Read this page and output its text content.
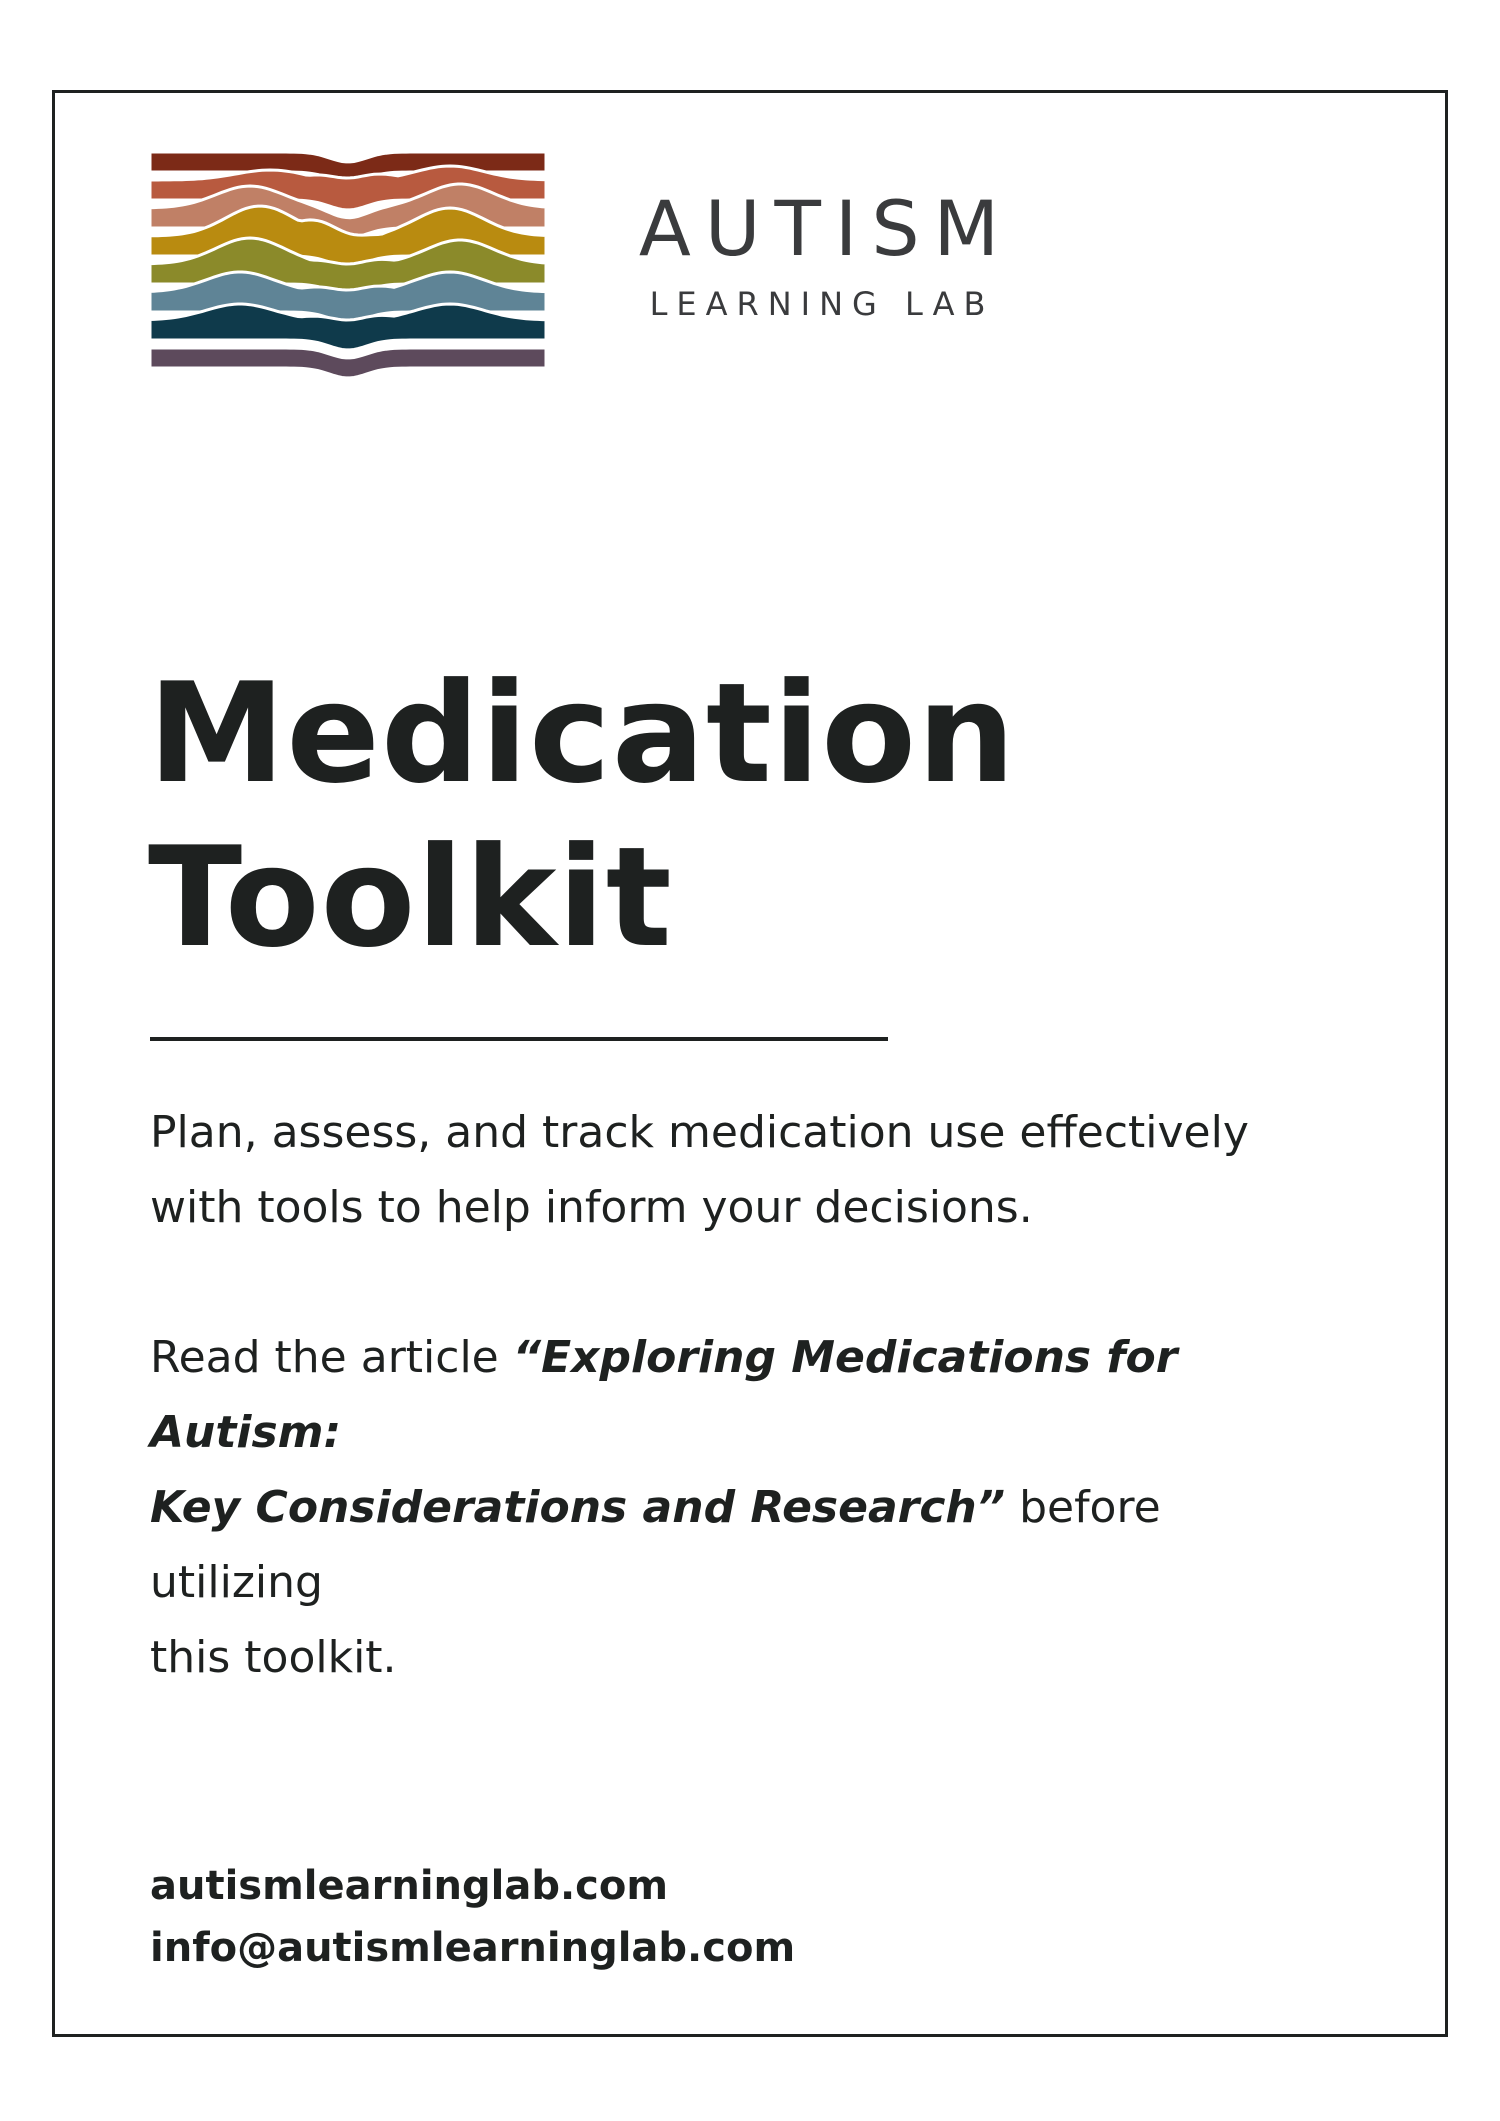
AUTISM
LEARNING LAB
Medication
Toolkit

Plan, assess, and track medication use effectively
with tools to help inform your decisions.

Read the article “Exploring Medications for Autism:
Key Considerations and Research” before utilizing
this toolkit.

autismlearninglab.com
info@autismlearninglab.com
